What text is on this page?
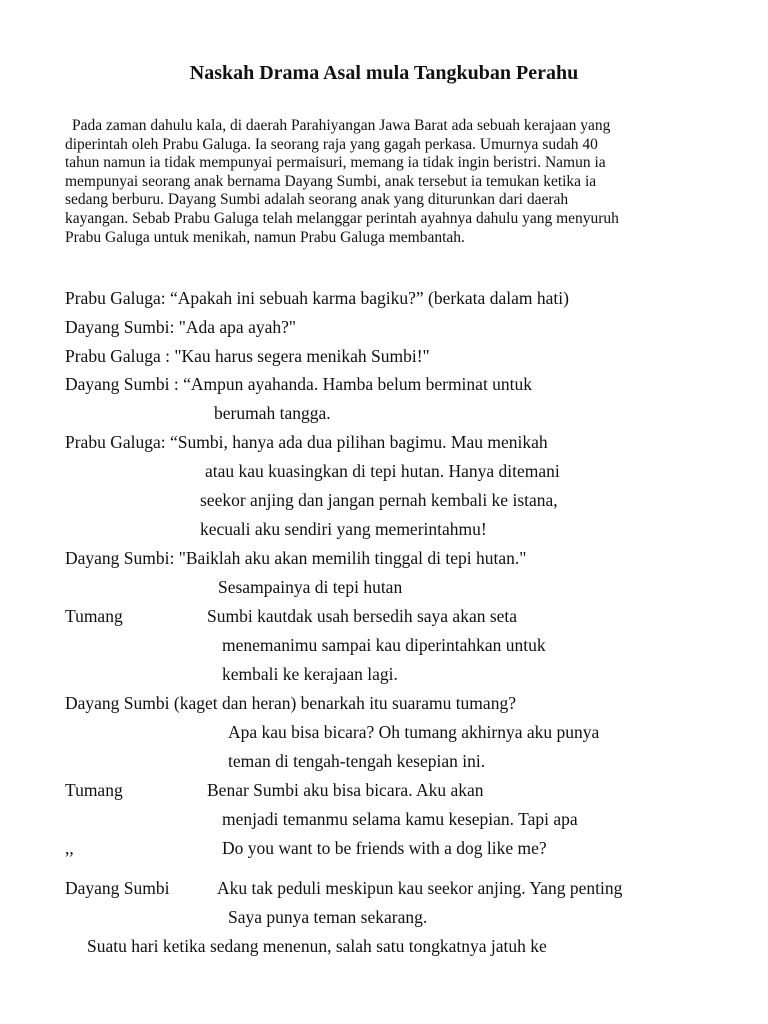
Naskah Drama Asal mula Tangkuban Perahu

Pada zaman dahulu kala, di daerah Parahiyangan Jawa Barat ada sebuah kerajaan yang
diperintah oleh Prabu Galuga. Ia seorang raja yang gagah perkasa. Umurnya sudah 40
tahun namun ia tidak mempunyai permaisuri, memang ia tidak ingin beristri. Namun ia
mempunyai seorang anak bernama Dayang Sumbi, anak tersebut ia temukan ketika ia
sedang berburu. Dayang Sumbi adalah seorang anak yang diturunkan dari daerah
kayangan. Sebab Prabu Galuga telah melanggar perintah ayahnya dahulu yang menyuruh
Prabu Galuga untuk menikah, namun Prabu Galuga membantah.

Prabu Galuga: “Apakah ini sebuah karma bagiku?” (berkata dalam hati)
Dayang Sumbi: "Ada apa ayah?"
Prabu Galuga : "Kau harus segera menikah Sumbi!"
Dayang Sumbi : “Ampun ayahanda. Hamba belum berminat untuk
berumah tangga.
Prabu Galuga: “Sumbi, hanya ada dua pilihan bagimu. Mau menikah
atau kau kuasingkan di tepi hutan. Hanya ditemani
seekor anjing dan jangan pernah kembali ke istana,
kecuali aku sendiri yang memerintahmu!
Dayang Sumbi: "Baiklah aku akan memilih tinggal di tepi hutan."
Sesampainya di tepi hutan
Tumang	Sumbi kautdak usah bersedih saya akan seta
menemanimu sampai kau diperintahkan untuk
kembali ke kerajaan lagi.
Dayang Sumbi (kaget dan heran) benarkah itu suaramu tumang?
Apa kau bisa bicara? Oh tumang akhirnya aku punya
teman di tengah-tengah kesepian ini.
Tumang	Benar Sumbi aku bisa bicara. Aku akan
menjadi temanmu selama kamu kesepian. Tapi apa
,,	Do you want to be friends with a dog like me?
Dayang Sumbi	Aku tak peduli meskipun kau seekor anjing. Yang penting
Saya punya teman sekarang.
Suatu hari ketika sedang menenun, salah satu tongkatnya jatuh ke
